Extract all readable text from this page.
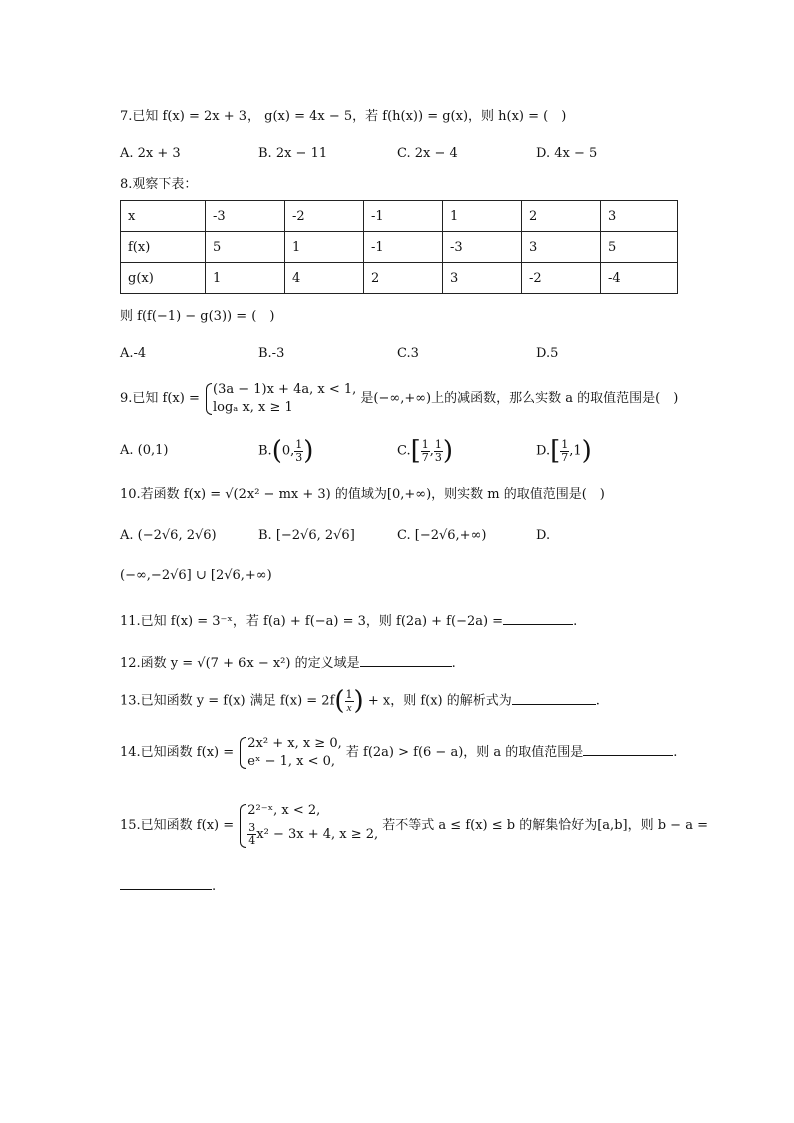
7.已知 f(x) = 2x + 3， g(x) = 4x − 5，若 f(h(x)) = g(x)，则 h(x) = (　)
A. 2x + 3	B. 2x − 11	C. 2x − 4	D. 4x − 5
8.观察下表：
x	-3	-2	-1	1	2	3
f(x)	5	1	-1	-3	3	5
g(x)	1	4	2	3	-2	-4
则 f(f(−1) − g(3)) = (　)
A.-4	B.-3	C.3	D.5
9.已知 f(x) =
(3a − 1)x + 4a, x < 1,
logₐ x, x ≥ 1
是(−∞,+∞)上的减函数，那么实数 a 的取值范围是(　)
A. (0,1)	B.(0, $\frac{1}{3}$ )	$C.[ \frac{1}{7}$ , $\frac{1}{3}$ )	$D.[ \frac{1}{7} ,1)$
10.若函数 f(x) = √(2x² − mx + 3) 的值域为[0,+∞)，则实数 m 的取值范围是(　)
A. (−2√6, 2√6)	B. [−2√6, 2√6]	C. [−2√6,+∞)	D.
(−∞,−2√6] ∪ [2√6,+∞)
11.已知 f(x) = 3⁻ˣ，若 f(a) + f(−a) = 3，则 f(2a) + f(−2a) =	.
12.函数 y = √(7 + 6x − x²) 的定义域是	.
13.已知函数 y = f(x) 满足 $f(x) = 2f( \frac{1}{x}$ ) + x，则 f(x) 的解析式为	.
14.已知函数 f(x) =
2x² + x, x ≥ 0,
eˣ − 1, x < 0,
若 f(2a) > f(6 − a)，则 a 的取值范围是	.
15.已知函数 f(x) =
2²⁻ˣ, x < 2,
$\frac{3}{4} x^2 - 3x + 4$, x ≥ 2,
若不等式 a ≤ f(x) ≤ b 的解集恰好为[a,b]，则 b − a =
.
